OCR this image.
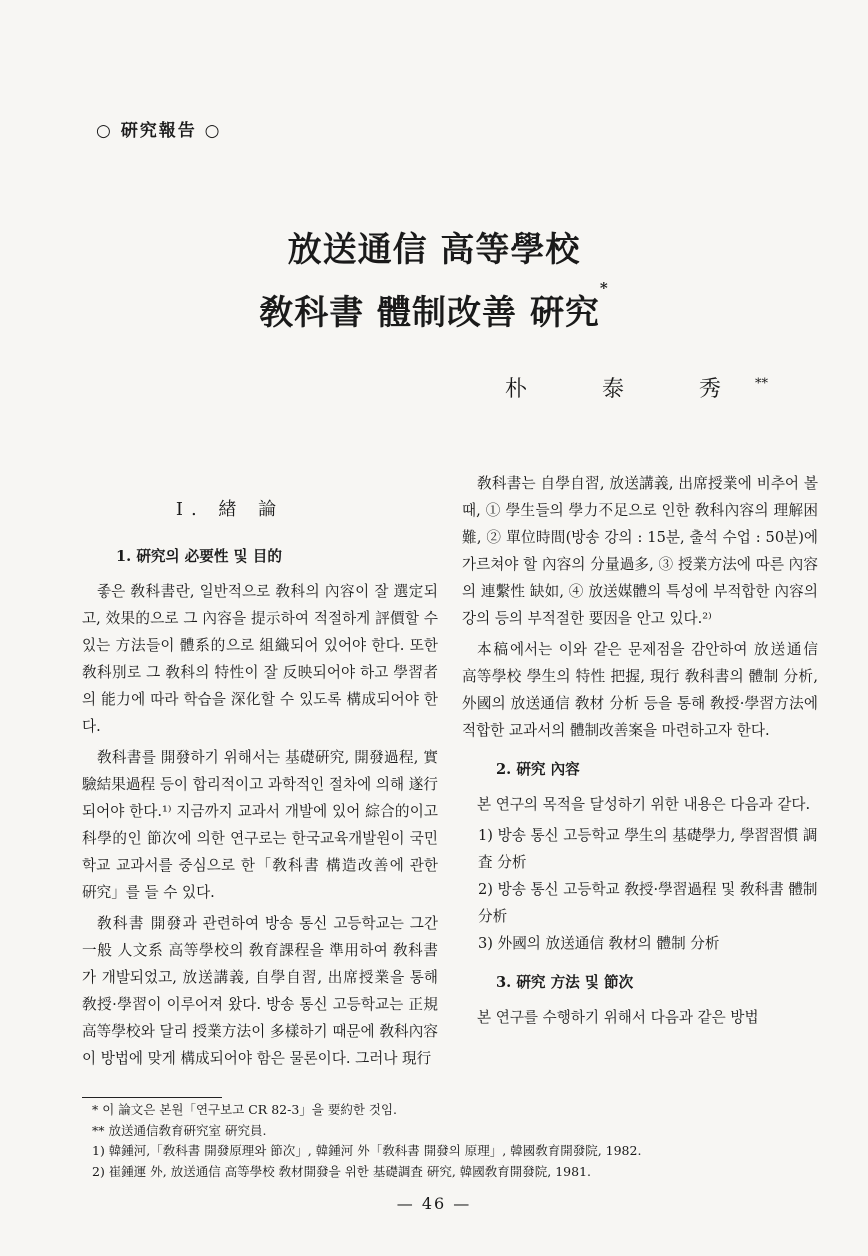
○ 硏究報告 ○
放送通信 高等學校
敎科書 體制改善 硏究*
朴 泰 秀**
Ⅰ. 緖 論
1. 硏究의 必要性 및 目的
좋은 敎科書란, 일반적으로 敎科의 內容이 잘 選定되고, 效果的으로 그 內容을 提示하여 적절하게 評價할 수 있는 方法들이 體系的으로 組織되어 있어야 한다. 또한 敎科別로 그 敎科의 特性이 잘 反映되어야 하고 學習者의 能力에 따라 학습을 深化할 수 있도록 構成되어야 한다.
敎科書를 開發하기 위해서는 基礎硏究, 開發過程, 實驗結果過程 등이 합리적이고 과학적인 절차에 의해 遂行되어야 한다.¹⁾ 지금까지 교과서 개발에 있어 綜合的이고 科學的인 節次에 의한 연구로는 한국교육개발원이 국민학교 교과서를 중심으로 한「敎科書 構造改善에 관한 硏究」를 들 수 있다.
敎科書 開發과 관련하여 방송 통신 고등학교는 그간 一般 人文系 高等學校의 敎育課程을 準用하여 敎科書가 개발되었고, 放送講義, 自學自習, 出席授業을 통해 敎授·學習이 이루어져 왔다. 방송 통신 고등학교는 正規高等學校와 달리 授業方法이 多樣하기 때문에 敎科內容이 방법에 맞게 構成되어야 함은 물론이다. 그러나 現行
敎科書는 自學自習, 放送講義, 出席授業에 비추어 볼 때, ① 學生들의 學力不足으로 인한 敎科內容의 理解困難, ② 單位時間(방송 강의 : 15분, 출석 수업 : 50분)에 가르쳐야 할 內容의 分量過多, ③ 授業方法에 따른 內容의 連繫性 缺如, ④ 放送媒體의 특성에 부적합한 內容의 강의 등의 부적절한 要因을 안고 있다.²⁾
本稿에서는 이와 같은 문제점을 감안하여 放送通信 高等學校 學生의 特性 把握, 現行 敎科書의 體制 分析, 外國의 放送通信 敎材 分析 등을 통해 敎授·學習方法에 적합한 교과서의 體制改善案을 마련하고자 한다.
2. 硏究 內容
본 연구의 목적을 달성하기 위한 내용은 다음과 같다.
1) 방송 통신 고등학교 學生의 基礎學力, 學習習慣 調査 分析
2) 방송 통신 고등학교 敎授·學習過程 및 敎科書 體制 分析
3) 外國의 放送通信 敎材의 體制 分析
3. 硏究 方法 및 節次
본 연구를 수행하기 위해서 다음과 같은 방법
* 이 論文은 본원「연구보고 CR 82-3」을 要約한 것임.
** 放送通信敎育硏究室 硏究員.
1) 韓鍾河,「敎科書 開發原理와 節次」, 韓鍾河 外「敎科書 開發의 原理」, 韓國敎育開發院, 1982.
2) 崔鍾運 外, 放送通信 高等學校 敎材開發을 위한 基礎調査 硏究, 韓國敎育開發院, 1981.
— 46 —
